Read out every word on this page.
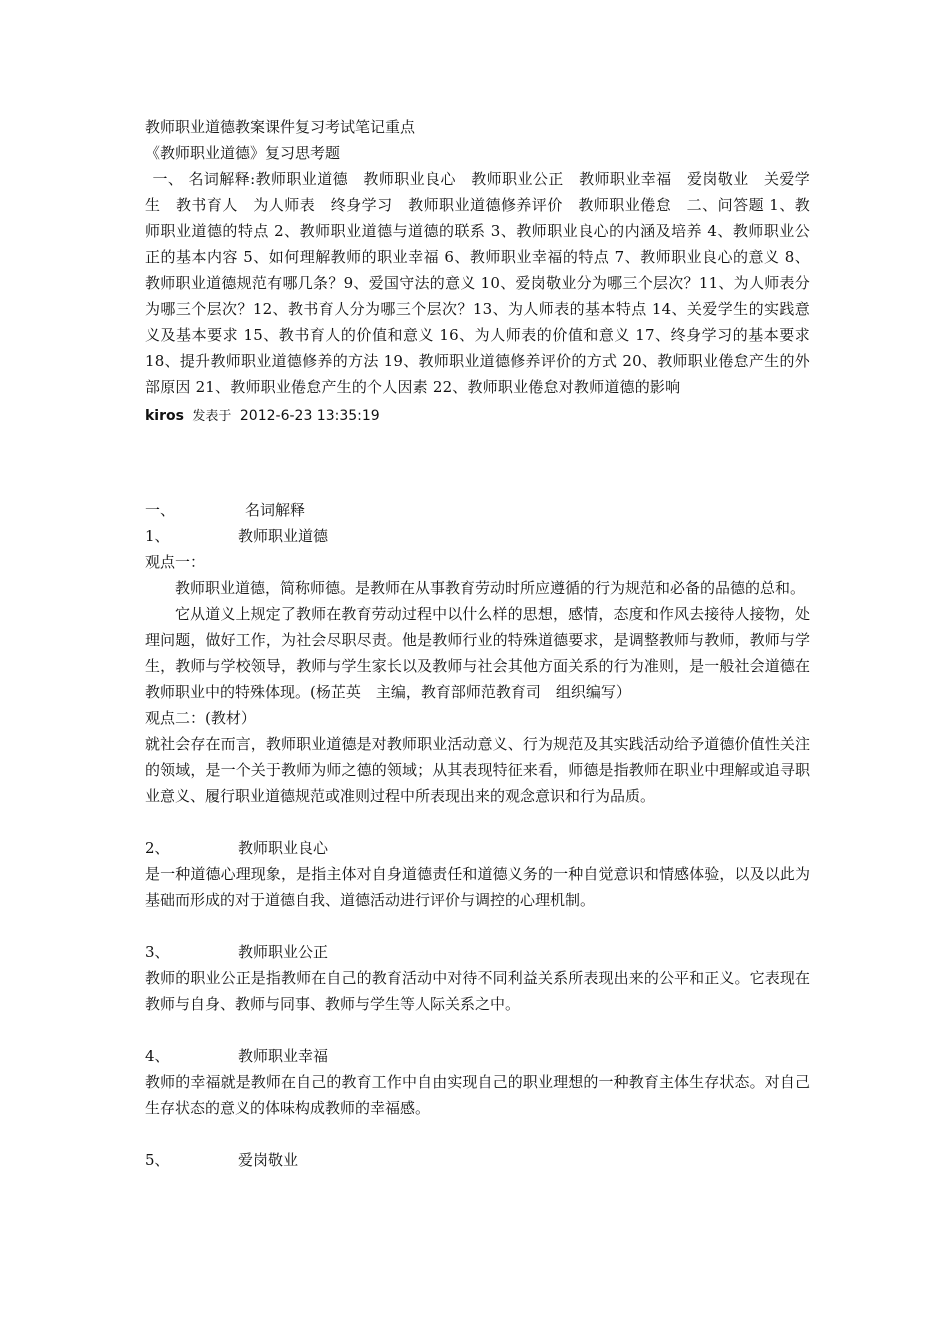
教师职业道德教案课件复习考试笔记重点

《教师职业道德》复习思考题

一、 名词解释:教师职业道德　教师职业良心　教师职业公正　教师职业幸福　爱岗敬业　关爱学生　教书育人　为人师表　终身学习　教师职业道德修养评价　教师职业倦怠　二、问答题 1、教师职业道德的特点 2、教师职业道德与道德的联系 3、教师职业良心的内涵及培养 4、教师职业公正的基本内容 5、如何理解教师的职业幸福 6、教师职业幸福的特点 7、教师职业良心的意义 8、教师职业道德规范有哪几条？9、爱国守法的意义 10、爱岗敬业分为哪三个层次？11、为人师表分为哪三个层次？12、教书育人分为哪三个层次？13、为人师表的基本特点 14、关爱学生的实践意义及基本要求 15、教书育人的价值和意义 16、为人师表的价值和意义 17、终身学习的基本要求 18、提升教师职业道德修养的方法 19、教师职业道德修养评价的方式 20、教师职业倦怠产生的外部原因 21、教师职业倦怠产生的个人因素 22、教师职业倦怠对教师道德的影响

kiros 发表于 2012-6-23 13:35:19
一、	名词解释
1、	教师职业道德

观点一：

教师职业道德，简称师德。是教师在从事教育劳动时所应遵循的行为规范和必备的品德的总和。

它从道义上规定了教师在教育劳动过程中以什么样的思想，感情，态度和作风去接待人接物，处理问题，做好工作，为社会尽职尽责。他是教师行业的特殊道德要求，是调整教师与教师，教师与学生，教师与学校领导，教师与学生家长以及教师与社会其他方面关系的行为准则，是一般社会道德在教师职业中的特殊体现。(杨芷英　主编，教育部师范教育司　组织编写）

观点二：(教材）

就社会存在而言，教师职业道德是对教师职业活动意义、行为规范及其实践活动给予道德价值性关注的领域，是一个关于教师为师之德的领域；从其表现特征来看，师德是指教师在职业中理解或追寻职业意义、履行职业道德规范或准则过程中所表现出来的观念意识和行为品质。

2、	教师职业良心

是一种道德心理现象，是指主体对自身道德责任和道德义务的一种自觉意识和情感体验，以及以此为基础而形成的对于道德自我、道德活动进行评价与调控的心理机制。

3、	教师职业公正

教师的职业公正是指教师在自己的教育活动中对待不同利益关系所表现出来的公平和正义。它表现在教师与自身、教师与同事、教师与学生等人际关系之中。

4、	教师职业幸福

教师的幸福就是教师在自己的教育工作中自由实现自己的职业理想的一种教育主体生存状态。对自己生存状态的意义的体味构成教师的幸福感。

5、	爱岗敬业
